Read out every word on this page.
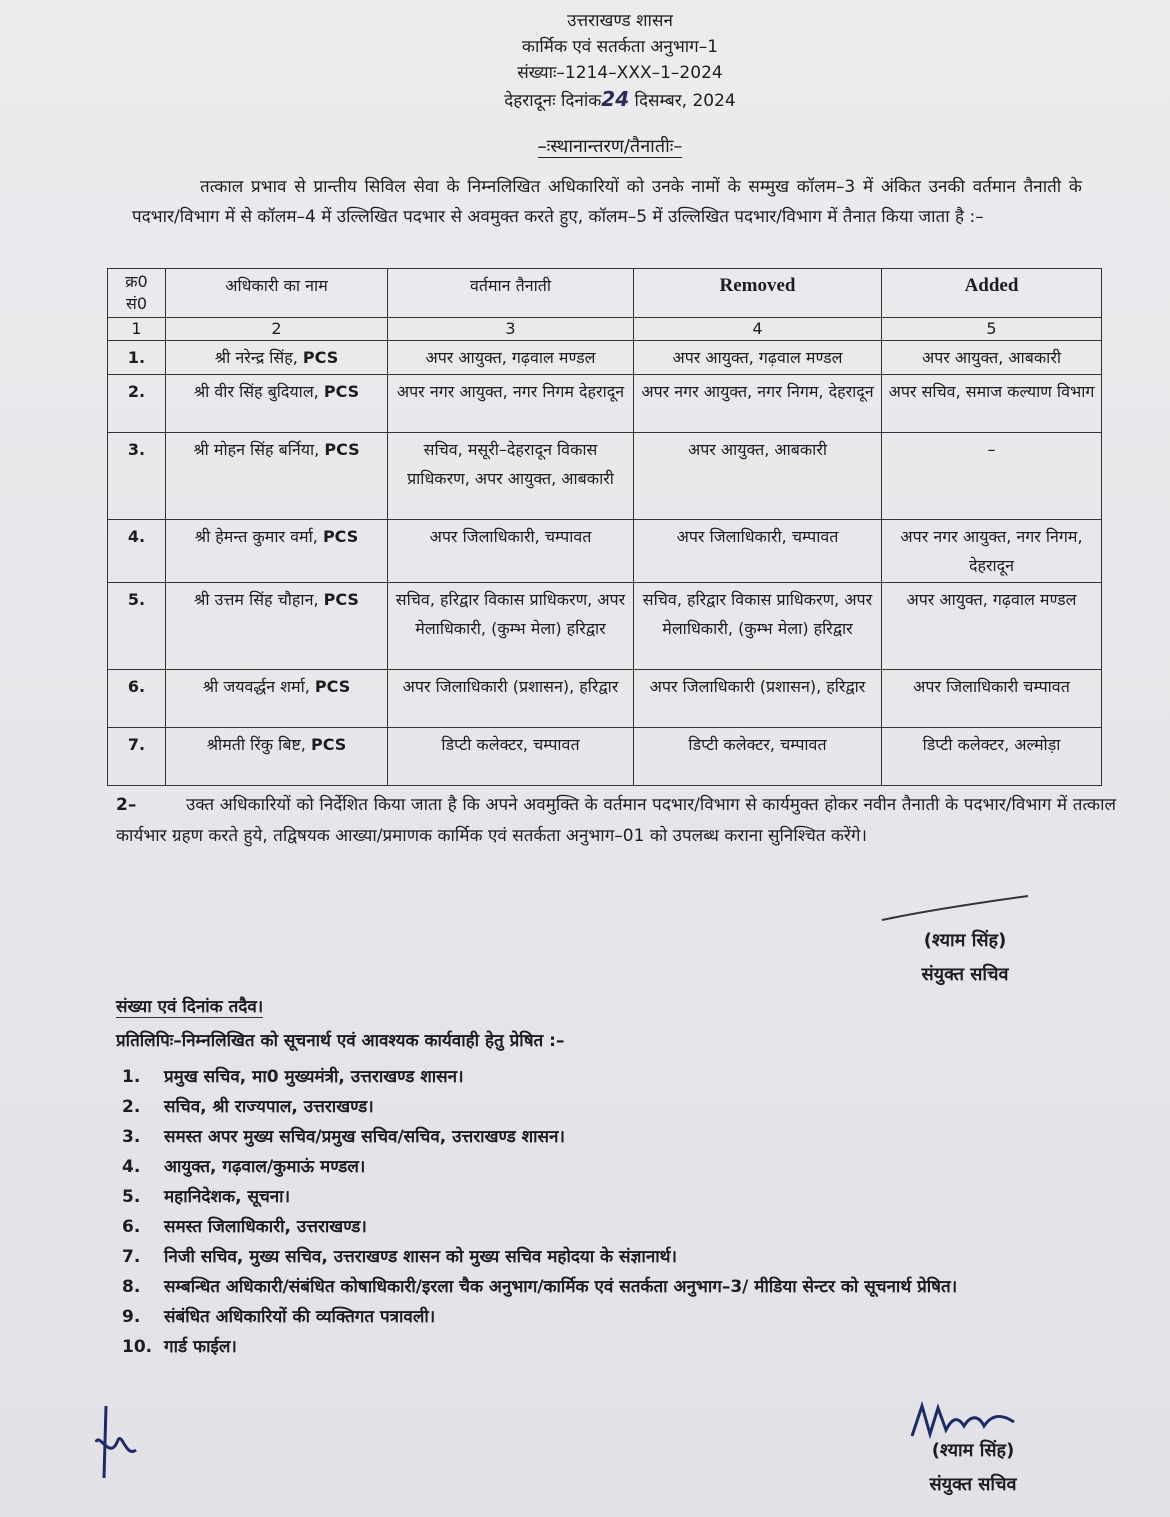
उत्तराखण्ड शासन
कार्मिक एवं सतर्कता अनुभाग–1
संख्याः–1214–XXX–1–2024
देहरादूनः दिनांक24 दिसम्बर, 2024
–ःस्थानान्तरण/तैनातीः–
तत्काल प्रभाव से प्रान्तीय सिविल सेवा के निम्नलिखित अधिकारियों को उनके नामों के सम्मुख कॉलम–3 में अंकित उनकी वर्तमान तैनाती के पदभार/विभाग में से कॉलम–4 में उल्लिखित पदभार से अवमुक्त करते हुए, कॉलम–5 में उल्लिखित पदभार/विभाग में तैनात किया जाता है :–
क्र0 सं0	अधिकारी का नाम	वर्तमान तैनाती	Removed	Added
1	2	3	4	5
1.	श्री नरेन्द्र सिंह, PCS	अपर आयुक्त, गढ़वाल मण्डल	अपर आयुक्त, गढ़वाल मण्डल	अपर आयुक्त, आबकारी
2.	श्री वीर सिंह बुदियाल, PCS	अपर नगर आयुक्त, नगर निगम देहरादून	अपर नगर आयुक्त, नगर निगम, देहरादून	अपर सचिव, समाज कल्याण विभाग
3.	श्री मोहन सिंह बर्निया, PCS	सचिव, मसूरी–देहरादून विकास प्राधिकरण, अपर आयुक्त, आबकारी	अपर आयुक्त, आबकारी	–
4.	श्री हेमन्त कुमार वर्मा, PCS	अपर जिलाधिकारी, चम्पावत	अपर जिलाधिकारी, चम्पावत	अपर नगर आयुक्त, नगर निगम, देहरादून
5.	श्री उत्तम सिंह चौहान, PCS	सचिव, हरिद्वार विकास प्राधिकरण, अपर मेलाधिकारी, (कुम्भ मेला) हरिद्वार	सचिव, हरिद्वार विकास प्राधिकरण, अपर मेलाधिकारी, (कुम्भ मेला) हरिद्वार	अपर आयुक्त, गढ़वाल मण्डल
6.	श्री जयवर्द्धन शर्मा, PCS	अपर जिलाधिकारी (प्रशासन), हरिद्वार	अपर जिलाधिकारी (प्रशासन), हरिद्वार	अपर जिलाधिकारी चम्पावत
7.	श्रीमती रिंकु बिष्ट, PCS	डिप्टी कलेक्टर, चम्पावत	डिप्टी कलेक्टर, चम्पावत	डिप्टी कलेक्टर, अल्मोड़ा
2–	उक्त अधिकारियों को निर्देशित किया जाता है कि अपने अवमुक्ति के वर्तमान पदभार/विभाग से कार्यमुक्त होकर नवीन तैनाती के पदभार/विभाग में तत्काल कार्यभार ग्रहण करते हुये, तद्विषयक आख्या/प्रमाणक कार्मिक एवं सतर्कता अनुभाग–01 को उपलब्ध कराना सुनिश्चित करेंगे।
(श्याम सिंह)
संयुक्त सचिव
संख्या एवं दिनांक तदैव।
प्रतिलिपिः–निम्नलिखित को सूचनार्थ एवं आवश्यक कार्यवाही हेतु प्रेषित :–
1.	प्रमुख सचिव, मा0 मुख्यमंत्री, उत्तराखण्ड शासन।
2.	सचिव, श्री राज्यपाल, उत्तराखण्ड।
3.	समस्त अपर मुख्य सचिव/प्रमुख सचिव/सचिव, उत्तराखण्ड शासन।
4.	आयुक्त, गढ़वाल/कुमाऊं मण्डल।
5.	महानिदेशक, सूचना।
6.	समस्त जिलाधिकारी, उत्तराखण्ड।
7.	निजी सचिव, मुख्य सचिव, उत्तराखण्ड शासन को मुख्य सचिव महोदया के संज्ञानार्थ।
8.	सम्बन्धित अधिकारी/संबंधित कोषाधिकारी/इरला चैक अनुभाग/कार्मिक एवं सतर्कता अनुभाग–3/ मीडिया सेन्टर को सूचनार्थ प्रेषित।
9.	संबंधित अधिकारियों की व्यक्तिगत पत्रावली।
10. गार्ड फाईल।
(श्याम सिंह)
संयुक्त सचिव
